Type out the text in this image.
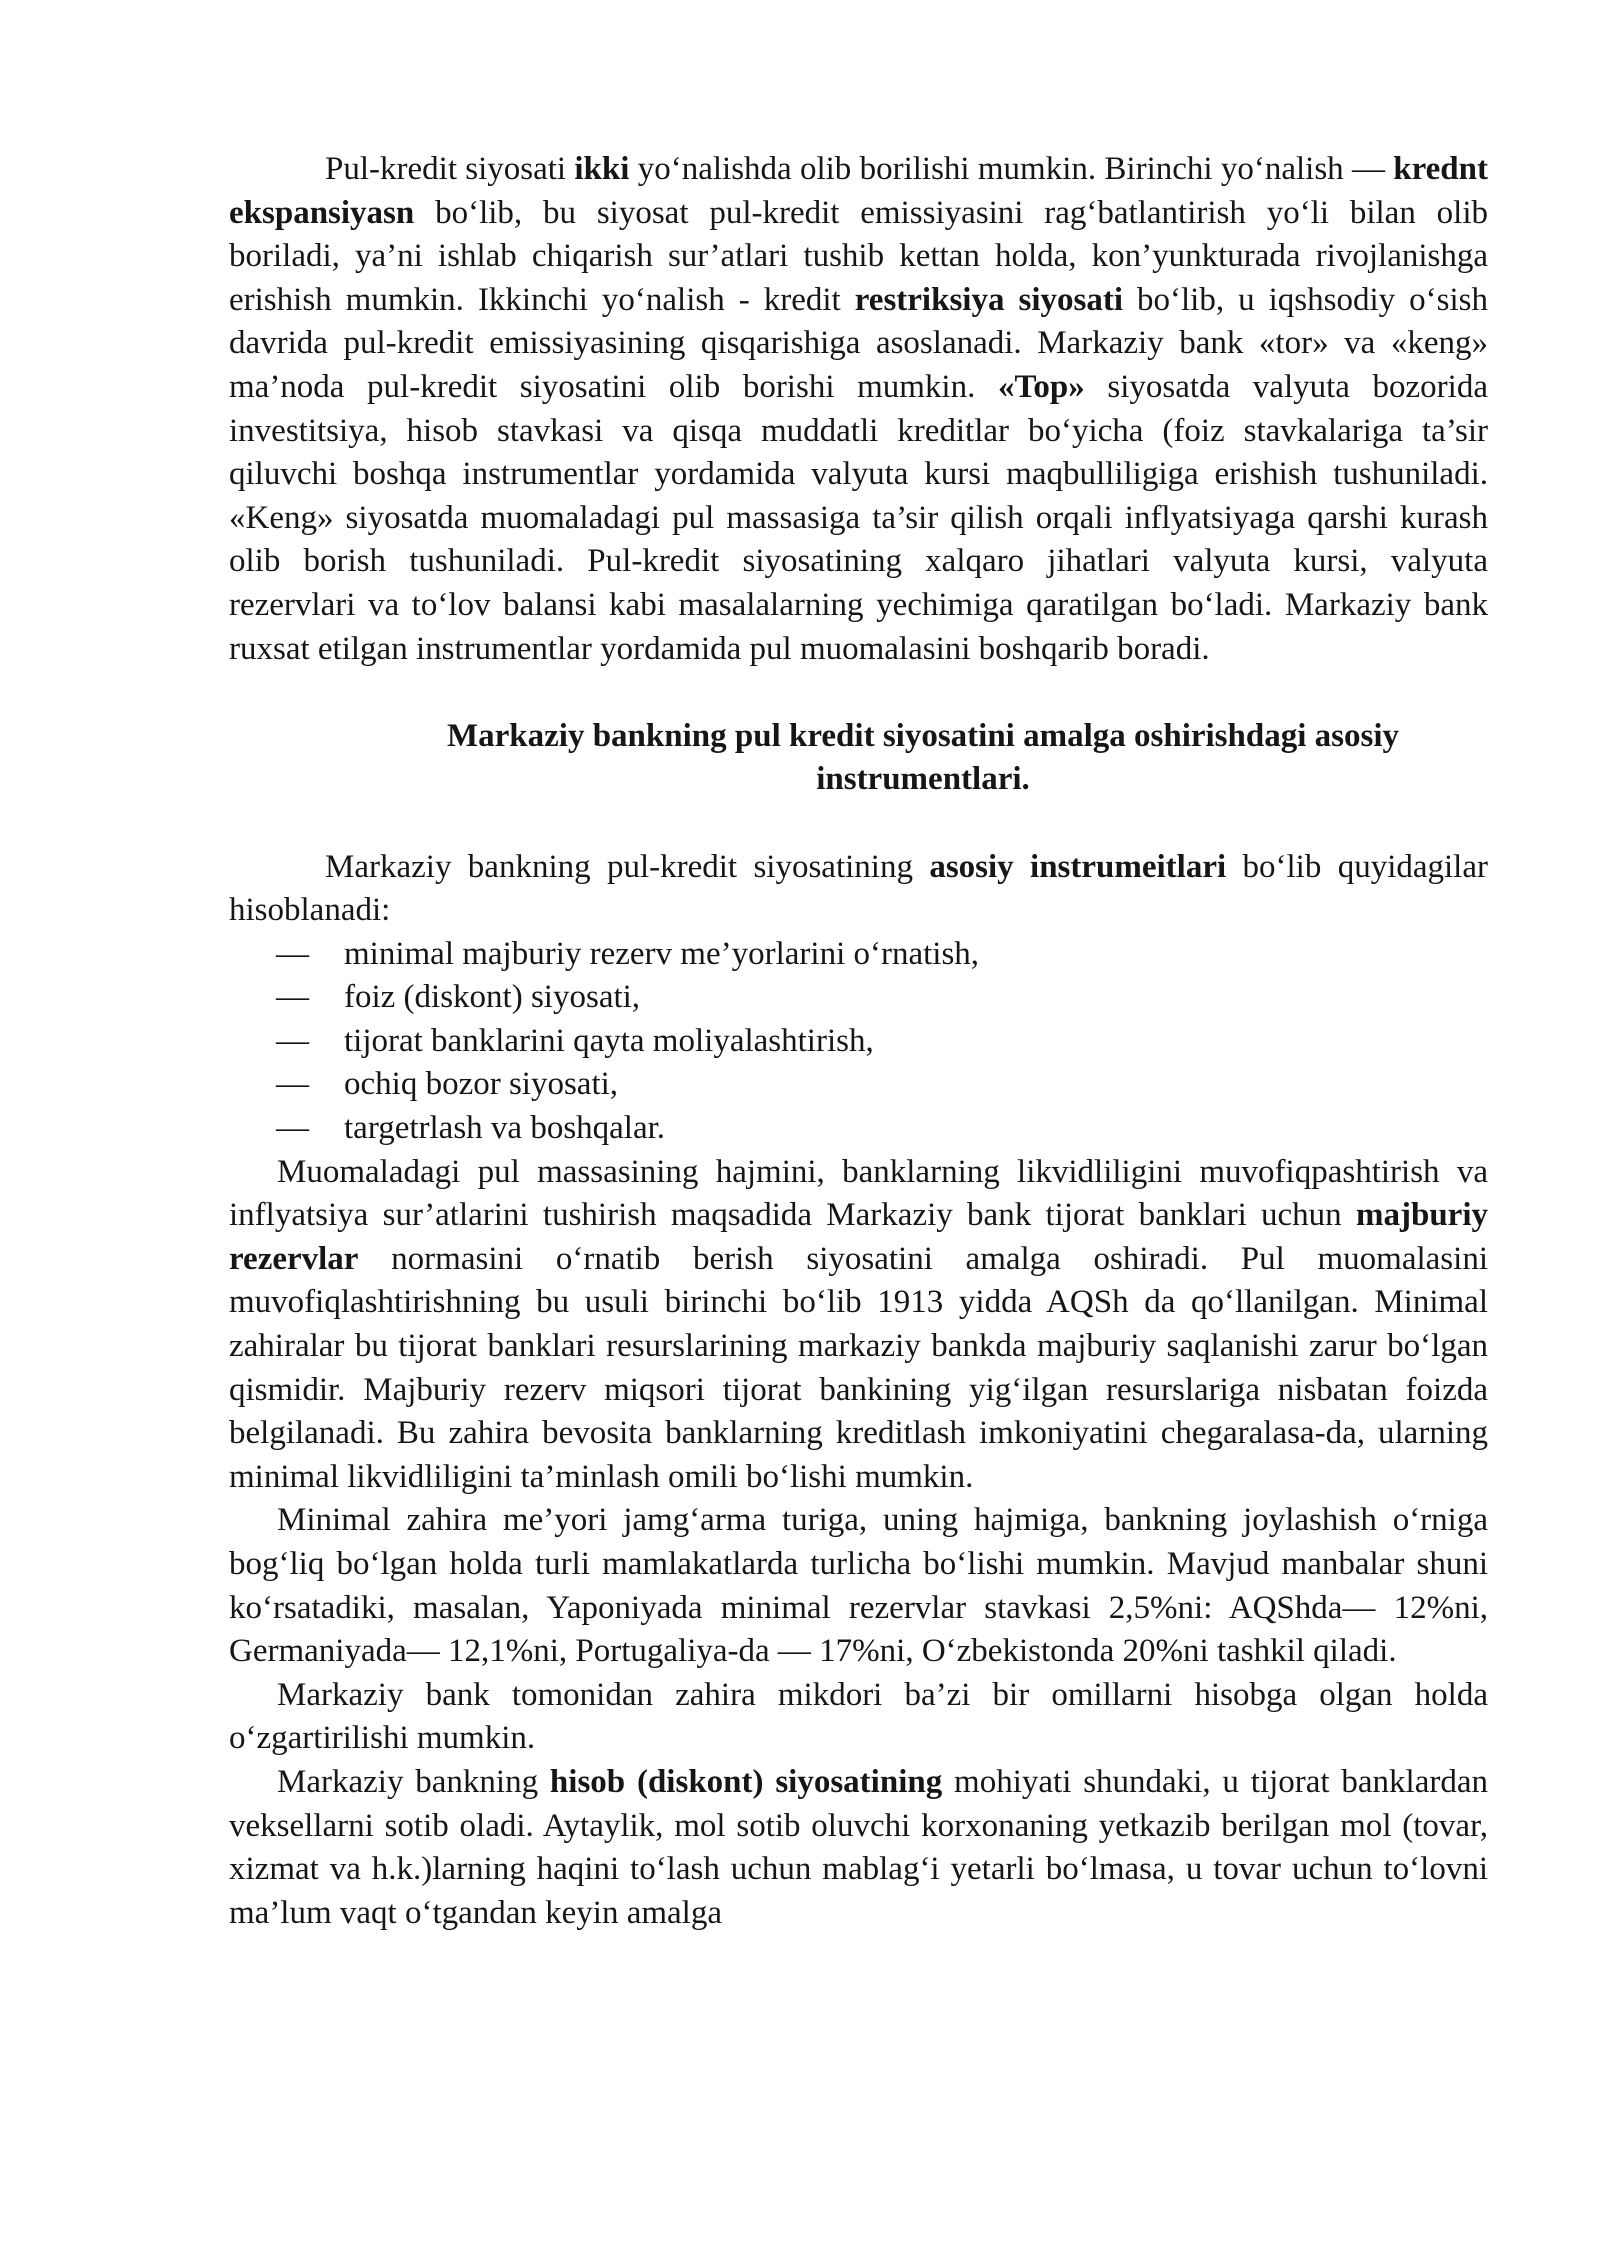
Pul-kredit siyosati ikki yo‘nalishda olib borilishi mumkin. Birinchi yo‘nalish — kredn​t ekspansiyasn bo‘lib, bu siyosat pul-kredit emissiyasini rag‘batlantirish yo‘li bilan olib boriladi, ya’ni ishlab chiqarish sur’atlari tushib kettan holda, kon’yunkturada rivojlanishga erishish mumkin. Ikkinchi yo‘nalish - kredit restriksiya siyosati bo‘lib, u iqshsodiy o‘sish davrida pul-kredit emissiyasining qisqarishiga asoslanadi. Markaziy bank «tor» va «keng» ma’noda pul-kredit siyosatini olib borishi mumkin. «Top» siyosatda valyuta bozorida investitsiya, hisob stavkasi va qisqa muddatli kreditlar bo‘yicha (foiz stavkalariga ta’sir qiluvchi boshqa instrumentlar yordamida valyuta kursi maqbulliligiga erishish tushuniladi. «Keng» siyosatda muomaladagi pul massasiga ta’sir qilish orqali inflyatsiyaga qarshi kurash olib borish tushuniladi. Pul-kredit siyosatining xalqaro jihatlari valyuta kursi, valyuta rezervlari va to‘lov balansi kabi masalalarning yechimiga qaratilgan bo‘ladi. Markaziy bank ruxsat etilgan instrumentlar yordamida pul muomalasini boshqarib boradi.

Markaziy bankning pul kredit siyosatini amalga oshirishdagi asosiy
instrumentlari.

Markaziy bankning pul-kredit siyosatining asosiy instrumeitlari bo‘lib quyidagilar hisoblanadi:

—	minimal majburiy rezerv me’yorlarini o‘rnatish,
—	foiz (diskont) siyosati,
—	tijorat banklarini qayta moliyalashtirish,
—	ochiq bozor siyosati,
—	targetrlash va boshqalar.

Muomaladagi pul massasining hajmini, banklarning likvidliligini muvofiqpashtirish va inflyatsiya sur’atlarini tushirish maqsadida Markaziy bank tijorat banklari uchun majburiy rezervlar normasini o‘rnatib berish siyosatini amalga oshiradi. Pul muomalasini muvofiqlashtirishning bu usuli birinchi bo‘lib 1913 yidda AQSh da qo‘llanilgan. Minimal zahiralar bu tijorat banklari resurslarining markaziy bankda majburiy saqlanishi zarur bo‘lgan qismidir. Majburiy rezerv miqsori tijorat bankining yig‘ilgan resurslariga nisbatan foizda belgilanadi. Bu zahira bevosita banklarning kreditlash imkoniyatini chegaralasa-da, ularning minimal likvidliligini ta’minlash omili bo‘lishi mumkin.

Minimal zahira me’yori jamg‘arma turiga, uning hajmiga, bankning joylashish o‘rniga bog‘liq bo‘lgan holda turli mamlakatlarda turlicha bo‘lishi mumkin. Mavjud manbalar shuni ko‘rsatadiki, masalan, Yaponiyada minimal rezervlar stavkasi 2,5%ni: AQShda— 12%ni, Germaniyada— 12,1%ni, Portugaliya-da — 17%ni, O‘zbekistonda 20%ni tashkil qiladi.

Markaziy bank tomonidan zahira mikdori ba’zi bir omillarni hisobga olgan holda o‘zgartirilishi mumkin.

Markaziy bankning hisob (diskont) siyosatining mohiyati shundaki, u tijorat banklardan veksellarni sotib oladi. Aytaylik, mol sotib oluvchi korxonaning yetkazib berilgan mol (tovar, xizmat va h.k.)larning haqini to‘lash uchun mablag‘i yetarli bo‘lmasa, u tovar uchun to‘lovni ma’lum vaqt o‘tgandan keyin amalga
